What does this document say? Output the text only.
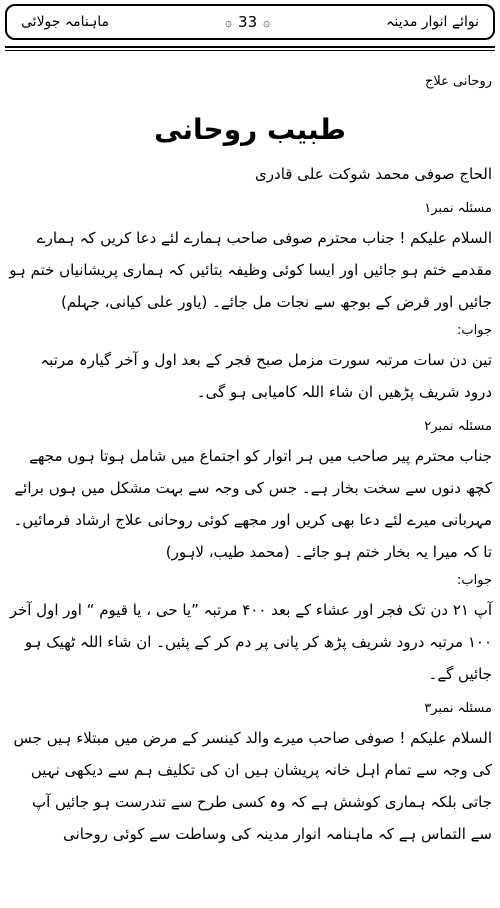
ماہنامہ جولائی	۞ 33 ۞	نوائے انوار مدینہ

روحانی علاج

طبیب روحانی

الحاج صوفی محمد شوکت علی قادری

مسئلہ نمبر۱

السلام علیکم ! جناب محترم صوفی صاحب ہمارے لئے دعا کریں کہ ہمارے مقدمے ختم ہو جائیں اور ایسا کوئی وظیفہ بتائیں کہ ہماری پریشانیاں ختم ہو جائیں اور قرض کے بوجھ سے نجات مل جائے۔ (یاور علی کیانی، جہلم)

جواب:

تین دن سات مرتبہ سورت مزمل صبح فجر کے بعد اول و آخر گیارہ مرتبہ درود شریف پڑھیں ان شاء اللہ کامیابی ہو گی۔

مسئلہ نمبر۲

جناب محترم پیر صاحب میں ہر اتوار کو اجتماع میں شامل ہوتا ہوں مجھے کچھ دنوں سے سخت بخار ہے۔ جس کی وجہ سے بہت مشکل میں ہوں برائے مہربانی میرے لئے دعا بھی کریں اور مجھے کوئی روحانی علاج ارشاد فرمائیں۔ تا کہ میرا یہ بخار ختم ہو جائے۔ (محمد طیب، لاہور)

جواب:

آپ ۲۱ دن تک فجر اور عشاء کے بعد ۴۰۰ مرتبہ ”یا حی ، یا قیوم “ اور اول آخر ۱۰۰ مرتبہ درود شریف پڑھ کر پانی پر دم کر کے پئیں۔ ان شاء اللہ ٹھیک ہو جائیں گے۔

مسئلہ نمبر۳

السلام علیکم ! صوفی صاحب میرے والد کینسر کے مرض میں مبتلاء ہیں جس کی وجہ سے تمام اہل خانہ پریشان ہیں ان کی تکلیف ہم سے دیکھی نہیں جاتی بلکہ ہماری کوشش ہے کہ وہ کسی طرح سے تندرست ہو جائیں آپ سے التماس ہے کہ ماہنامہ انوار مدینہ کی وساطت سے کوئی روحانی
